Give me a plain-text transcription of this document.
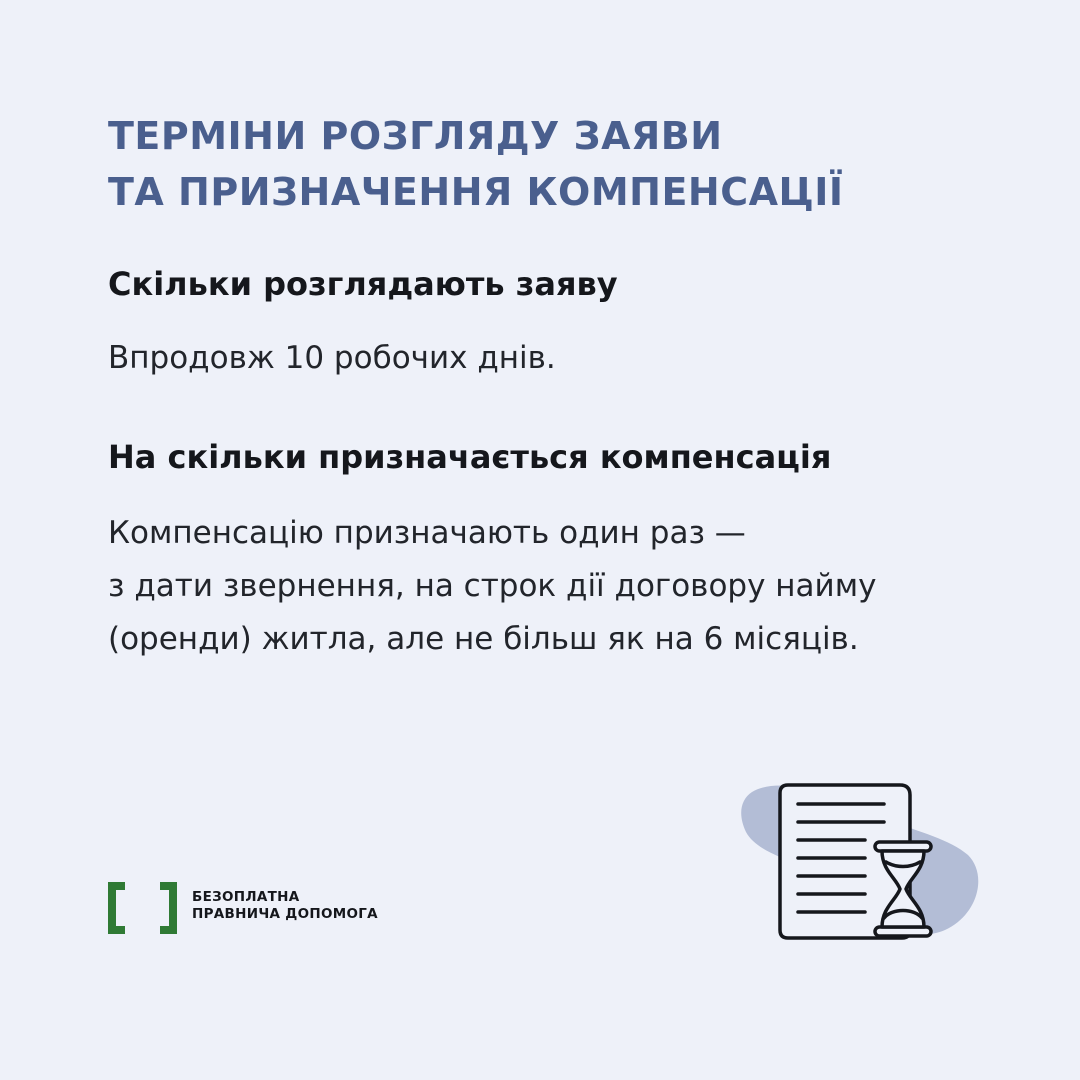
ТЕРМІНИ РОЗГЛЯДУ ЗАЯВИ
ТА ПРИЗНАЧЕННЯ КОМПЕНСАЦІЇ
Скільки розглядають заяву
Впродовж 10 робочих днів.
На скільки призначається компенсація
Компенсацію призначають один раз —
з дати звернення, на строк дії договору найму
(оренди) житла, але не більш як на 6 місяців.
БЕЗОПЛАТНА
ПРАВНИЧА ДОПОМОГА
